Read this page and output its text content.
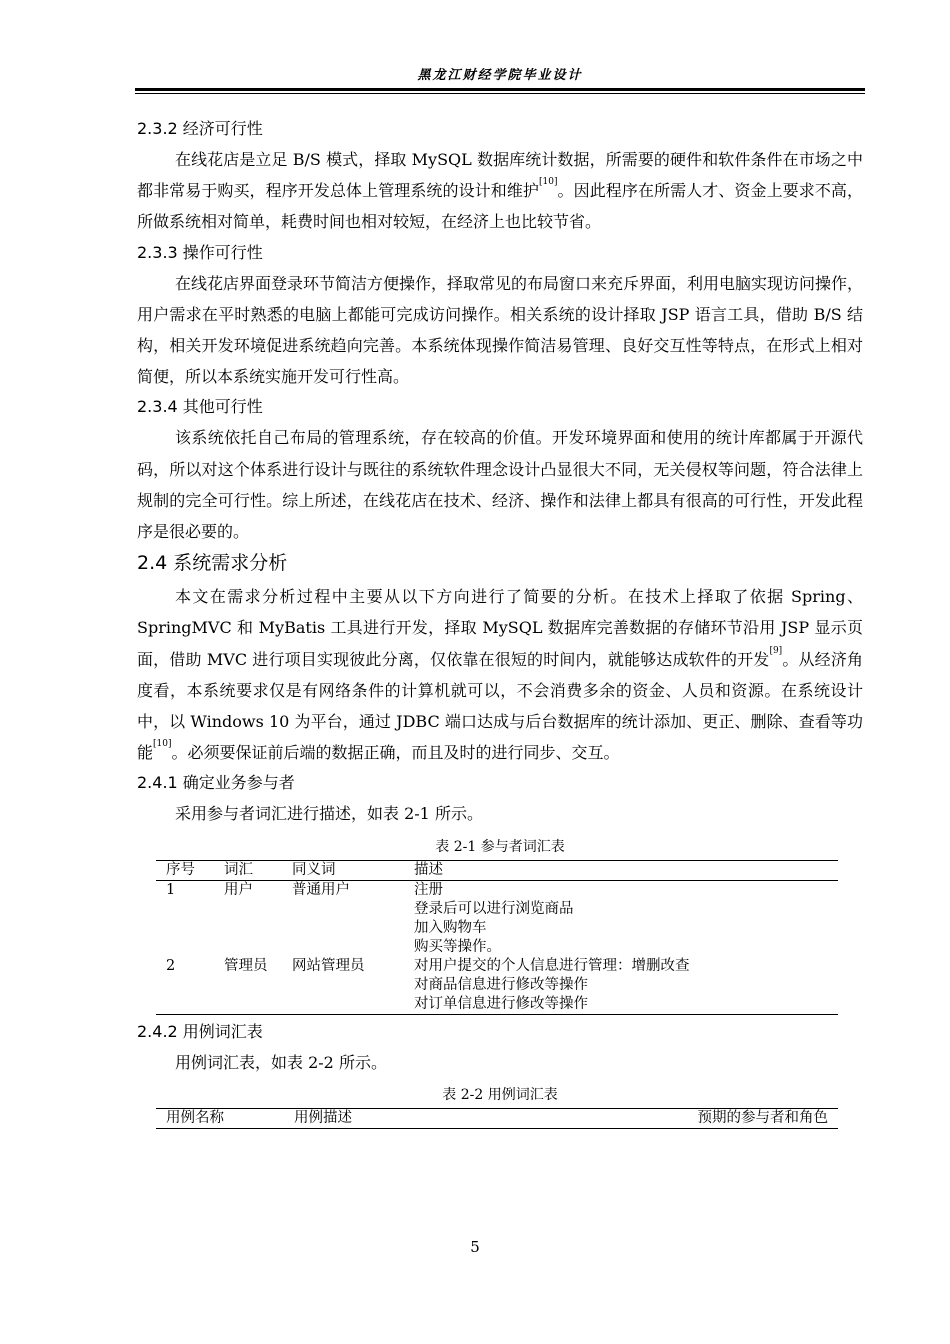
黑龙江财经学院毕业设计
2.3.2 经济可行性

在线花店是立足 B/S 模式，择取 MySQL 数据库统计数据，所需要的硬件和软件条件在市场之中都非常易于购买，程序开发总体上管理系统的设计和维护[10]。因此程序在所需人才、资金上要求不高，所做系统相对简单，耗费时间也相对较短，在经济上也比较节省。

2.3.3 操作可行性

在线花店界面登录环节简洁方便操作，择取常见的布局窗口来充斥界面，利用电脑实现访问操作，用户需求在平时熟悉的电脑上都能可完成访问操作。相关系统的设计择取 JSP 语言工具，借助 B/S 结构，相关开发环境促进系统趋向完善。本系统体现操作简洁易管理、良好交互性等特点，在形式上相对简便，所以本系统实施开发可行性高。

2.3.4 其他可行性

该系统依托自己布局的管理系统，存在较高的价值。开发环境界面和使用的统计库都属于开源代码，所以对这个体系进行设计与既往的系统软件理念设计凸显很大不同，无关侵权等问题，符合法律上规制的完全可行性。综上所述，在线花店在技术、经济、操作和法律上都具有很高的可行性，开发此程序是很必要的。

2.4 系统需求分析

本文在需求分析过程中主要从以下方向进行了简要的分析。在技术上择取了依据 Spring、SpringMVC 和 MyBatis 工具进行开发，择取 MySQL 数据库完善数据的存储环节沿用 JSP 显示页面，借助 MVC 进行项目实现彼此分离，仅依靠在很短的时间内，就能够达成软件的开发[9]。从经济角度看，本系统要求仅是有网络条件的计算机就可以，不会消费多余的资金、人员和资源。在系统设计中，以 Windows 10 为平台，通过 JDBC 端口达成与后台数据库的统计添加、更正、删除、查看等功能[10]。必须要保证前后端的数据正确，而且及时的进行同步、交互。

2.4.1 确定业务参与者

采用参与者词汇进行描述，如表 2-1 所示。

表 2-1 参与者词汇表
序号	词汇	同义词	描述
1	用户	普通用户	注册
登录后可以进行浏览商品
加入购物车
购买等操作。

2	管理员	网站管理员	对用户提交的个人信息进行管理：增删改查
对商品信息进行修改等操作
对订单信息进行修改等操作
2.4.2 用例词汇表

用例词汇表，如表 2-2 所示。

表 2-2 用例词汇表
用例名称	用例描述	预期的参与者和角色
5
